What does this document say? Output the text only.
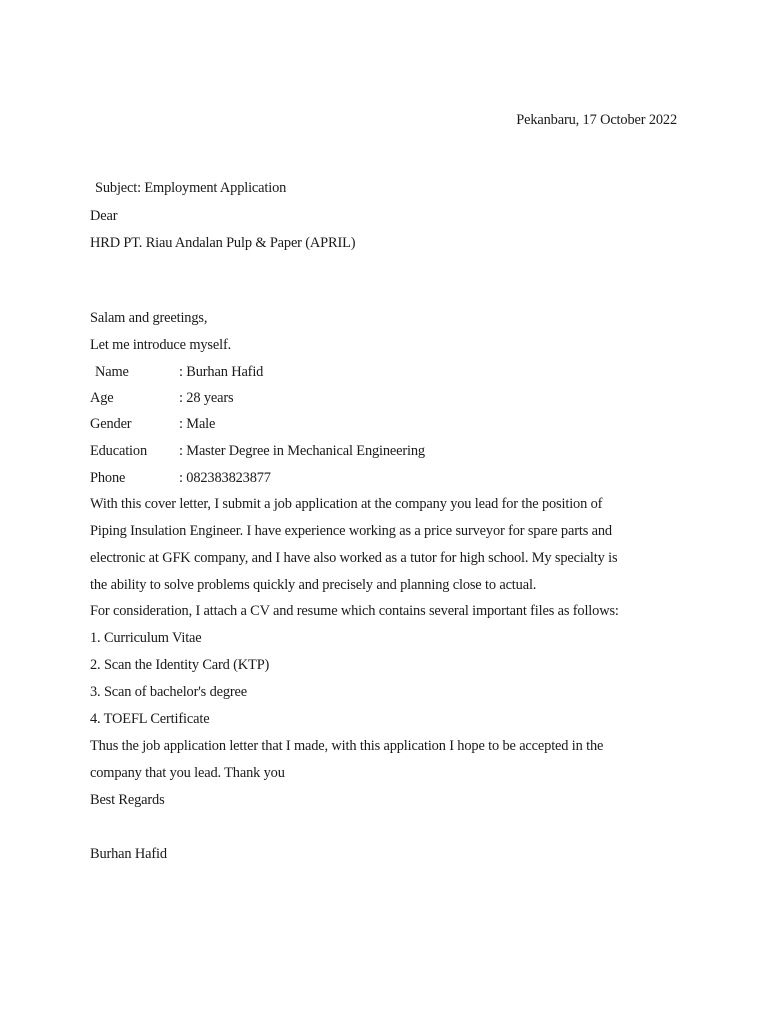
Pekanbaru, 17 October 2022
Subject: Employment Application
Dear
HRD PT. Riau Andalan Pulp & Paper (APRIL)
Salam and greetings,
Let me introduce myself.
Name	: Burhan Hafid
Age	: 28 years
Gender	: Male
Education : Master Degree in Mechanical Engineering
Phone	: 082383823877
With this cover letter, I submit a job application at the company you lead for the position of
Piping Insulation Engineer. I have experience working as a price surveyor for spare parts and
electronic at GFK company, and I have also worked as a tutor for high school. My specialty is
the ability to solve problems quickly and precisely and planning close to actual.
For consideration, I attach a CV and resume which contains several important files as follows:
1. Curriculum Vitae
2. Scan the Identity Card (KTP)
3. Scan of bachelor's degree
4. TOEFL Certificate
Thus the job application letter that I made, with this application I hope to be accepted in the
company that you lead. Thank you
Best Regards
Burhan Hafid
